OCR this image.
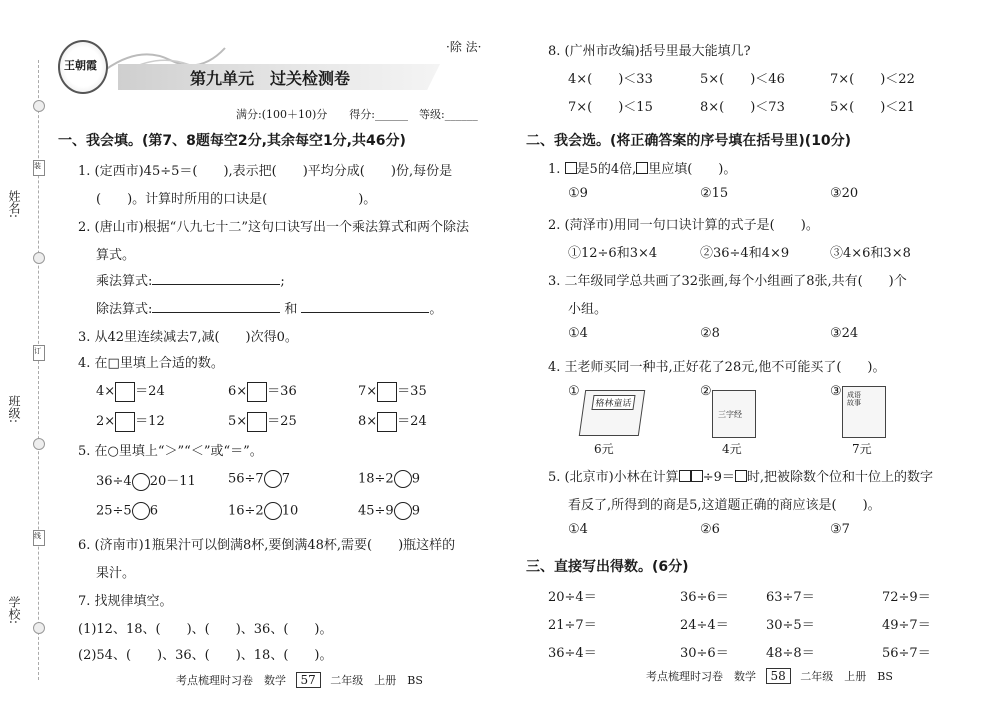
装
订
线
姓名:
班级:
学校:
王朝霞
·除 法·
第九单元　过关检测卷
满分:(100＋10)分　　得分:______　等级:______
一、我会填。(第7、8题每空2分,其余每空1分,共46分)
1. (定西市)45÷5＝(　　),表示把(　　)平均分成(　　)份,每份是
(　　)。计算时所用的口诀是(　　　　　　　)。
2. (唐山市)根据“八九七十二”这句口诀写出一个乘法算式和两个除法
算式。
乘法算式:	;
除法算式:	和	。
3. 从42里连续减去7,减(　　)次得0。
4. 在□里填上合适的数。
4× ＝24	6× ＝36	7× ＝35
2× ＝12	5× ＝25	8× ＝24
5. 在○里填上“＞”“＜”或“＝”。
36÷4 20－11 56÷7 7	18÷2 9
25÷5 6	16÷2 10	45÷9 9
6. (济南市)1瓶果汁可以倒满8杯,要倒满48杯,需要(　　)瓶这样的
果汁。
7. 找规律填空。
(1)12、18、(　　)、(　　)、36、(　　)。
(2)54、(　　)、36、(　　)、18、(　　)。
考点梳理时习卷　数学 57 二年级　上册　BS
8. (广州市改编)括号里最大能填几?
4×(　　)＜33	5×(　　)＜46	7×(　　)＜22
7×(　　)＜15	8×(　　)＜73	5×(　　)＜21
二、我会选。(将正确答案的序号填在括号里)(10分)
1. 是5的4倍, 里应填(　　)。
①9	②15	③20
2. (菏泽市)用同一句口诀计算的式子是(　　)。
①12÷6和3×4	②36÷4和4×9	③4×6和3×8
3. 二年级同学总共画了32张画,每个小组画了8张,共有(　　)个
小组。
①4	②8	③24
4. 王老师买同一种书,正好花了28元,他不可能买了(　　)。
①
格林童话
6元
②
三字经
4元
③ 成语故事
7元
5. (北京市)小林在计算 ÷9＝ 时,把被除数个位和十位上的数字
看反了,所得到的商是5,这道题正确的商应该是(　　)。
①4	②6	③7
三、直接写出得数。(6分)
20÷4＝	36÷6＝	63÷7＝	72÷9＝
21÷7＝	24÷4＝	30÷5＝	49÷7＝
36÷4＝	30÷6＝	48÷8＝	56÷7＝
考点梳理时习卷　数学 58 二年级　上册　BS
